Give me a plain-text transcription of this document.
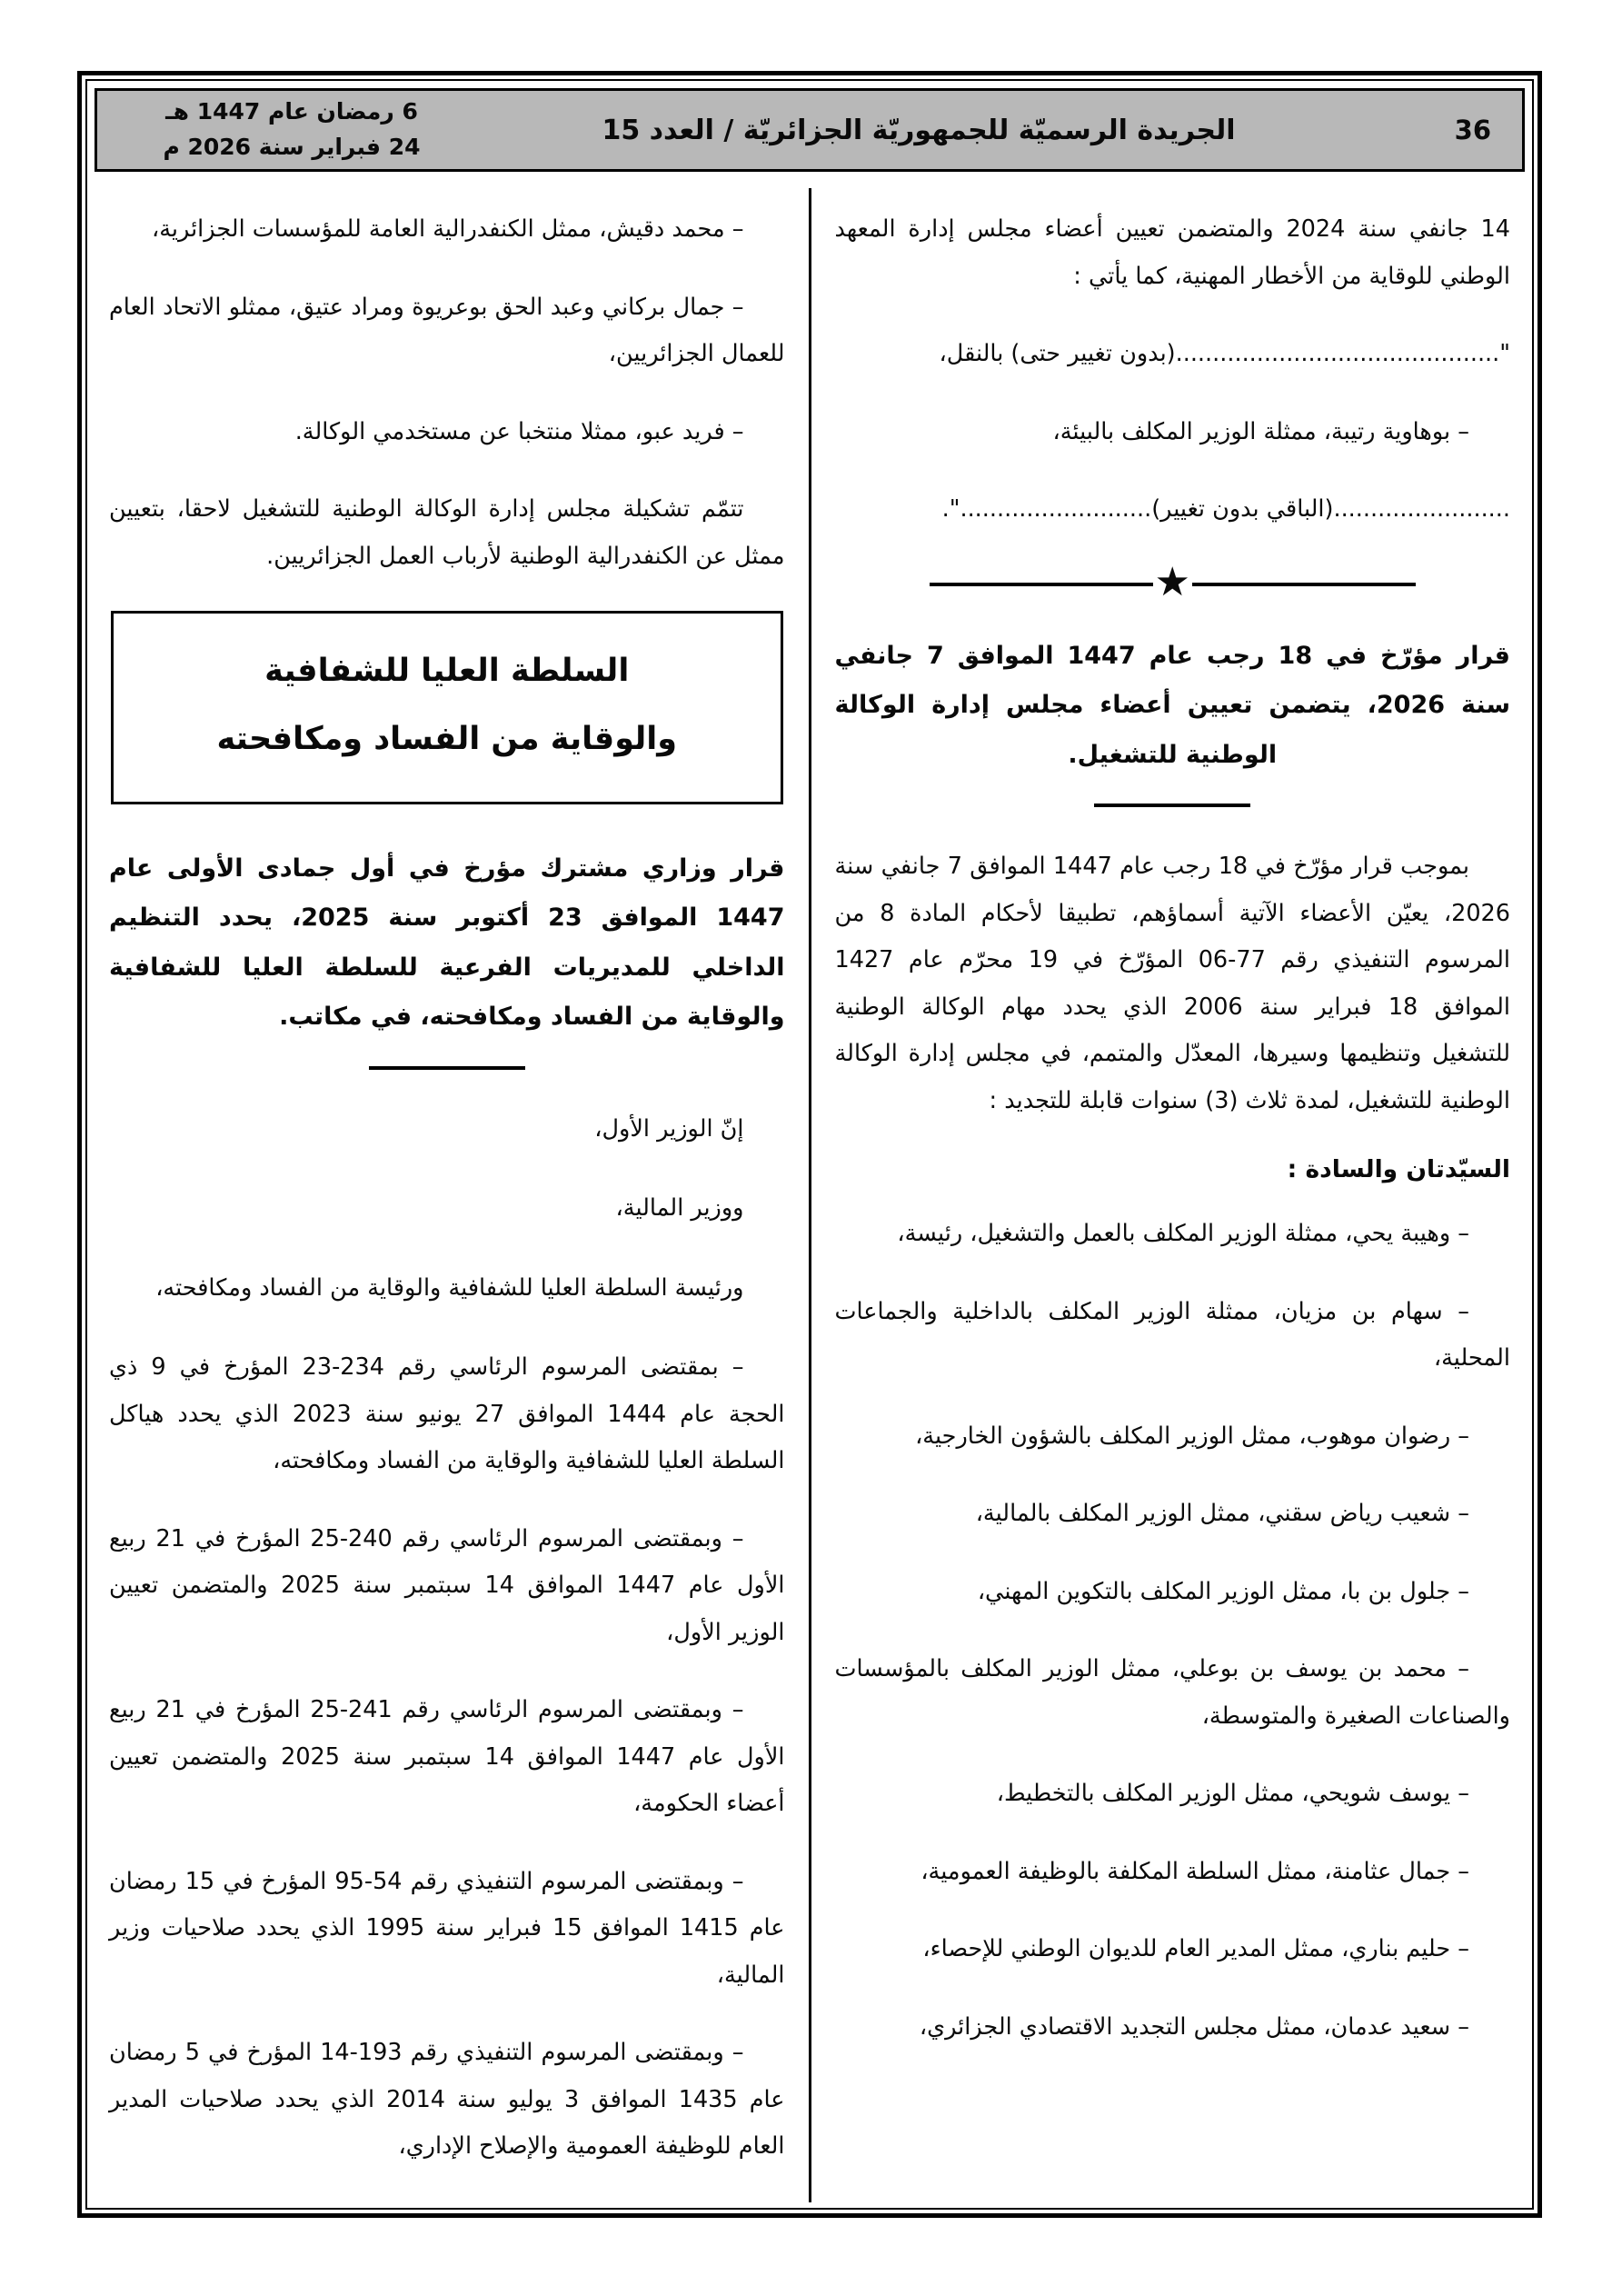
6 رمضان عام 1447 هـ
24 فبراير سنة 2026 م
الجريدة الرسميّة للجمهوريّة الجزائريّة / العدد 15	36

14 جانفي سنة 2024 والمتضمن تعيين أعضاء مجلس إدارة المعهد الوطني للوقاية من الأخطار المهنية، كما يأتي :

"............................................(بدون تغيير حتى) بالنقل،

– بوهاوية رتيبة، ممثلة الوزير المكلف بالبيئة،

........................(الباقي بدون تغيير)..........................".

★

قرار مؤرّخ في 18 رجب عام 1447 الموافق 7 جانفي سنة 2026، يتضمن تعيين أعضاء مجلس إدارة الوكالة الوطنية للتشغيل.

بموجب قرار مؤرّخ في 18 رجب عام 1447 الموافق 7 جانفي سنة 2026، يعيّن الأعضاء الآتية أسماؤهم، تطبيقا لأحكام المادة 8 من المرسوم التنفيذي رقم 77-06 المؤرّخ في 19 محرّم عام 1427 الموافق 18 فبراير سنة 2006 الذي يحدد مهام الوكالة الوطنية للتشغيل وتنظيمها وسيرها، المعدّل والمتمم، في مجلس إدارة الوكالة الوطنية للتشغيل، لمدة ثلاث (3) سنوات قابلة للتجديد :

السيّدتان والسادة :

– وهيبة يحي، ممثلة الوزير المكلف بالعمل والتشغيل، رئيسة،

– سهام بن مزيان، ممثلة الوزير المكلف بالداخلية والجماعات المحلية،

– رضوان موهوب، ممثل الوزير المكلف بالشؤون الخارجية،

– شعيب رياض سقني، ممثل الوزير المكلف بالمالية،

– جلول بن با، ممثل الوزير المكلف بالتكوين المهني،

– محمد بن يوسف بن بوعلي، ممثل الوزير المكلف بالمؤسسات والصناعات الصغيرة والمتوسطة،

– يوسف شويحي، ممثل الوزير المكلف بالتخطيط،

– جمال عثامنة، ممثل السلطة المكلفة بالوظيفة العمومية،

– حليم بناري، ممثل المدير العام للديوان الوطني للإحصاء،

– سعيد عدمان، ممثل مجلس التجديد الاقتصادي الجزائري،

– محمد دقيش، ممثل الكنفدرالية العامة للمؤسسات الجزائرية،

– جمال بركاني وعبد الحق بوعريوة ومراد عتيق، ممثلو الاتحاد العام للعمال الجزائريين،

– فريد عبو، ممثلا منتخبا عن مستخدمي الوكالة.

تتمّم تشكيلة مجلس إدارة الوكالة الوطنية للتشغيل لاحقا، بتعيين ممثل عن الكنفدرالية الوطنية لأرباب العمل الجزائريين.

السلطة العليا للشفافية
والوقاية من الفساد ومكافحته

قرار وزاري مشترك مؤرخ في أول جمادى الأولى عام 1447 الموافق 23 أكتوبر سنة 2025، يحدد التنظيم الداخلي للمديريات الفرعية للسلطة العليا للشفافية والوقاية من الفساد ومكافحته، في مكاتب.

إنّ الوزير الأول،

ووزير المالية،

ورئيسة السلطة العليا للشفافية والوقاية من الفساد ومكافحته،

– بمقتضى المرسوم الرئاسي رقم 234-23 المؤرخ في 9 ذي الحجة عام 1444 الموافق 27 يونيو سنة 2023 الذي يحدد هياكل السلطة العليا للشفافية والوقاية من الفساد ومكافحته،

– وبمقتضى المرسوم الرئاسي رقم 240-25 المؤرخ في 21 ربيع الأول عام 1447 الموافق 14 سبتمبر سنة 2025 والمتضمن تعيين الوزير الأول،

– وبمقتضى المرسوم الرئاسي رقم 241-25 المؤرخ في 21 ربيع الأول عام 1447 الموافق 14 سبتمبر سنة 2025 والمتضمن تعيين أعضاء الحكومة،

– وبمقتضى المرسوم التنفيذي رقم 54-95 المؤرخ في 15 رمضان عام 1415 الموافق 15 فبراير سنة 1995 الذي يحدد صلاحيات وزير المالية،

– وبمقتضى المرسوم التنفيذي رقم 193-14 المؤرخ في 5 رمضان عام 1435 الموافق 3 يوليو سنة 2014 الذي يحدد صلاحيات المدير العام للوظيفة العمومية والإصلاح الإداري،
